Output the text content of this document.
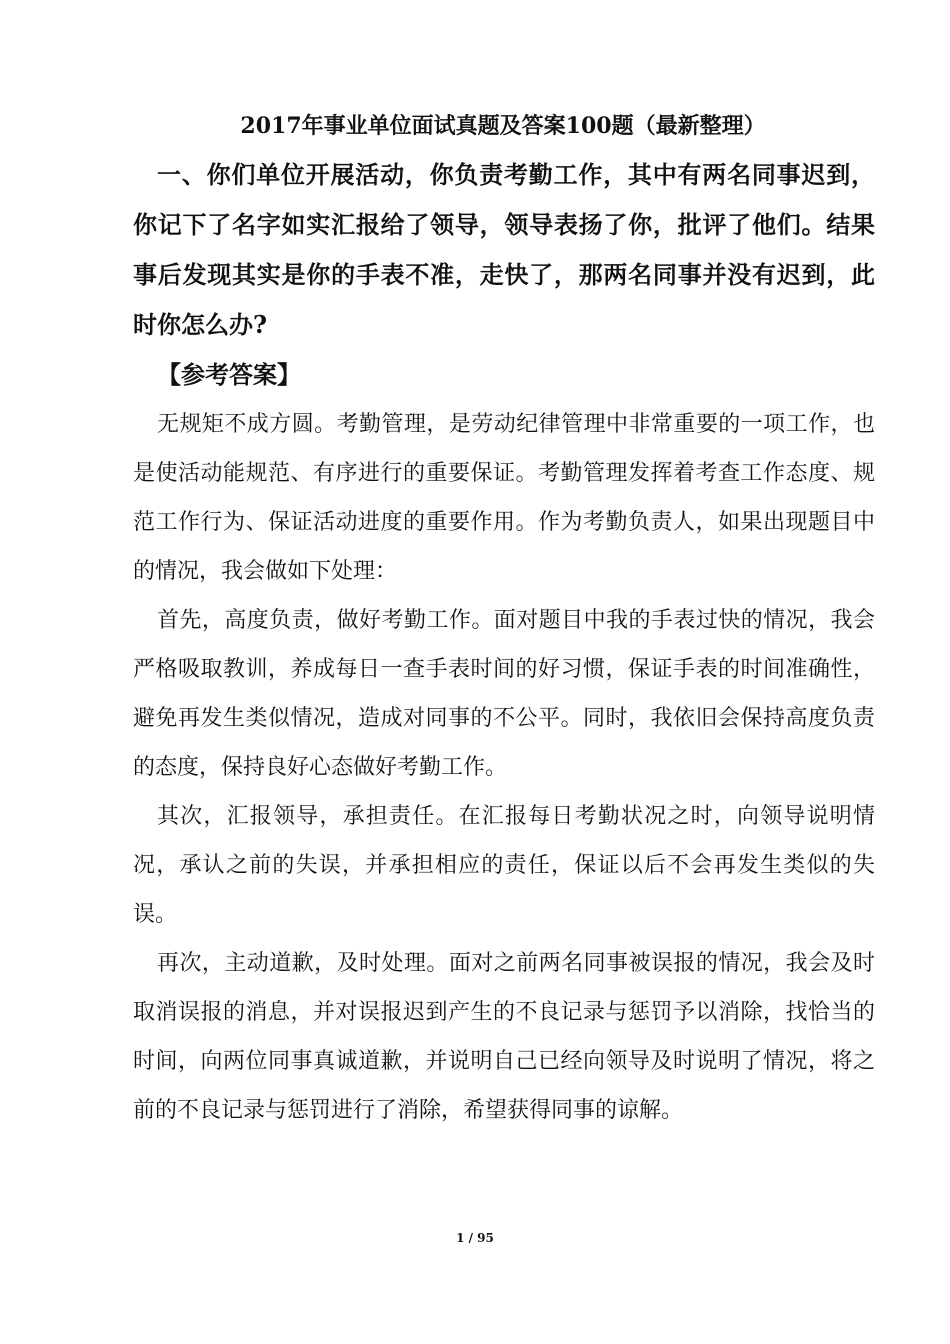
2017年事业单位面试真题及答案100题（最新整理）
一、你们单位开展活动，你负责考勤工作，其中有两名同事迟到，你记下了名字如实汇报给了领导，领导表扬了你，批评了他们。结果事后发现其实是你的手表不准，走快了，那两名同事并没有迟到，此时你怎么办?
【参考答案】

无规矩不成方圆。考勤管理，是劳动纪律管理中非常重要的一项工作，也是使活动能规范、有序进行的重要保证。考勤管理发挥着考查工作态度、规范工作行为、保证活动进度的重要作用。作为考勤负责人，如果出现题目中的情况，我会做如下处理：

首先，高度负责，做好考勤工作。面对题目中我的手表过快的情况，我会严格吸取教训，养成每日一查手表时间的好习惯，保证手表的时间准确性，避免再发生类似情况，造成对同事的不公平。同时，我依旧会保持高度负责的态度，保持良好心态做好考勤工作。

其次，汇报领导，承担责任。在汇报每日考勤状况之时，向领导说明情况，承认之前的失误，并承担相应的责任，保证以后不会再发生类似的失误。

再次，主动道歉，及时处理。面对之前两名同事被误报的情况，我会及时取消误报的消息，并对误报迟到产生的不良记录与惩罚予以消除，找恰当的时间，向两位同事真诚道歉，并说明自己已经向领导及时说明了情况，将之前的不良记录与惩罚进行了消除，希望获得同事的谅解。

1 / 95
